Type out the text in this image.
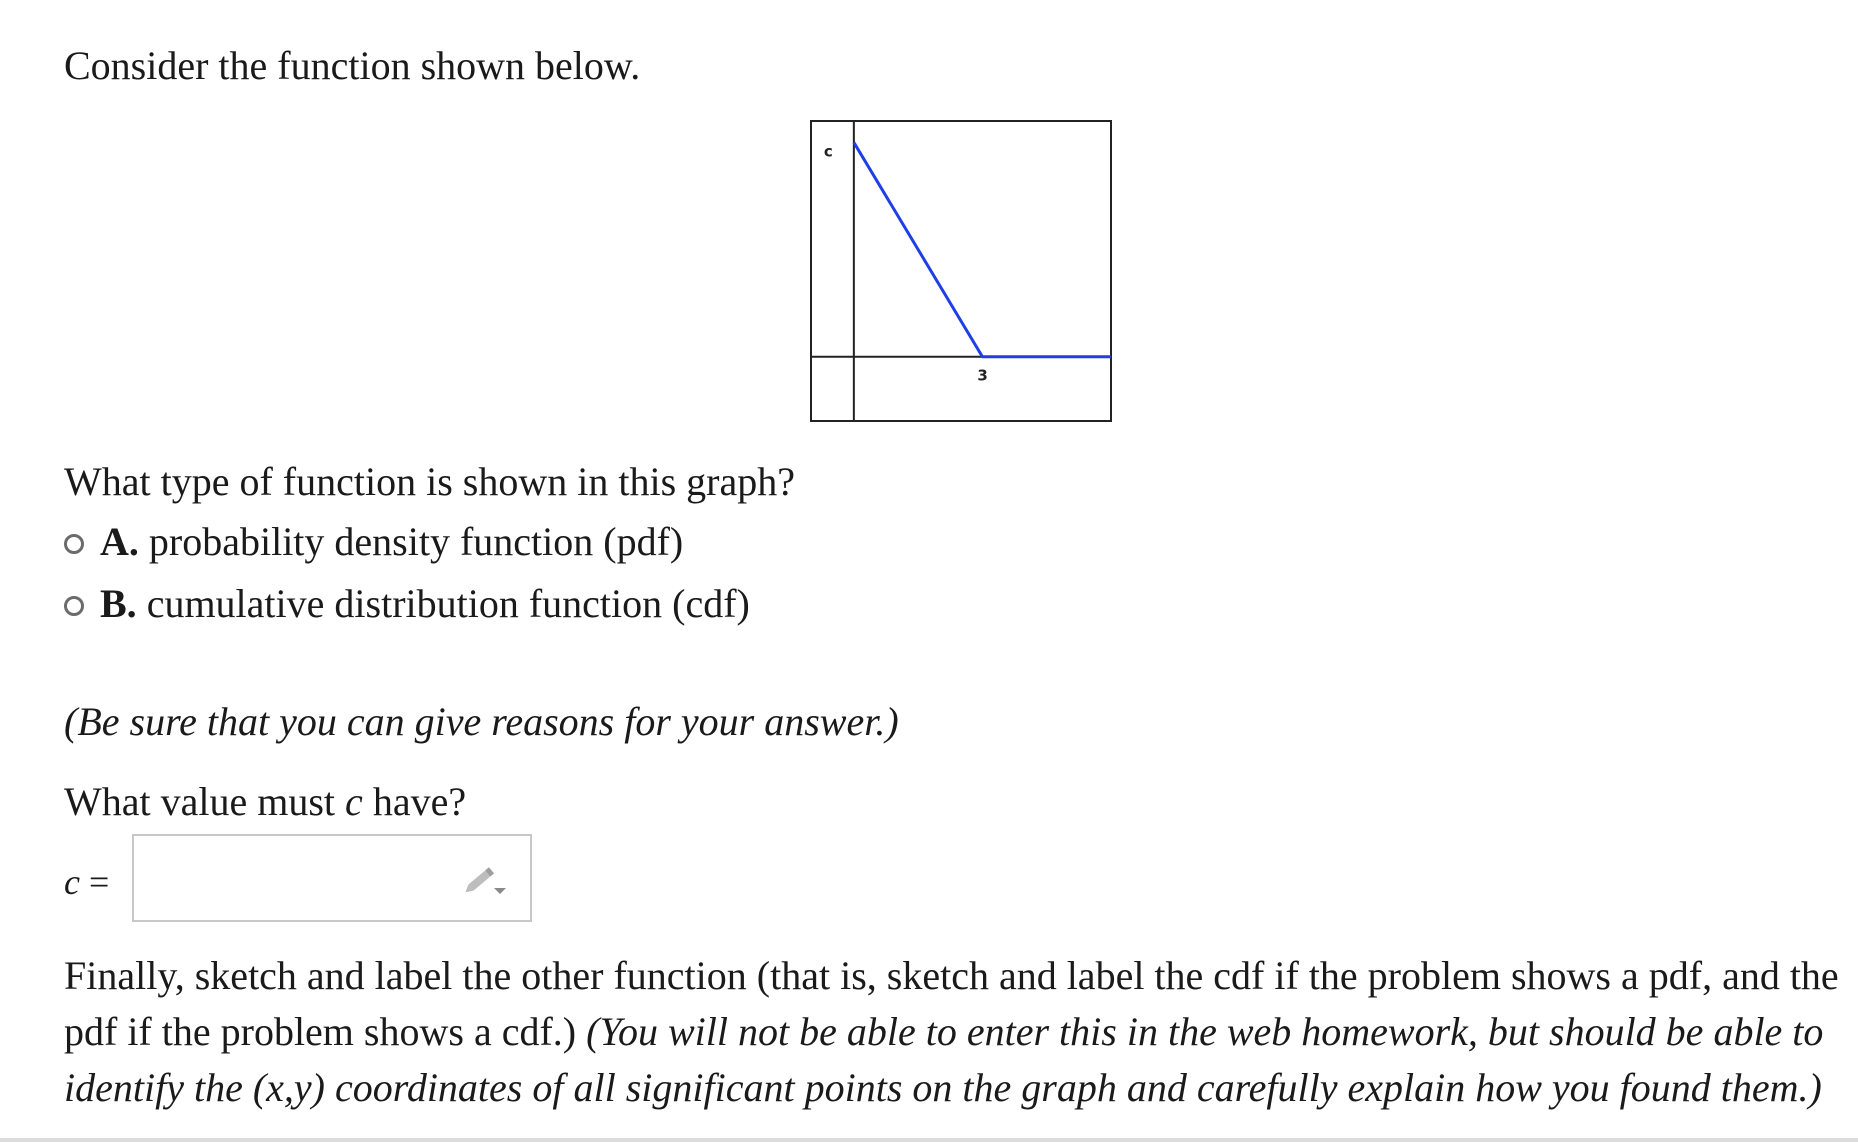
Consider the function shown below.
c
3
What type of function is shown in this graph?
A. probability density function (pdf)
B. cumulative distribution function (cdf)
(Be sure that you can give reasons for your answer.)
What value must c have?
c =
Finally, sketch and label the other function (that is, sketch and label the cdf if the problem shows a pdf, and the pdf if the problem shows a cdf.) (You will not be able to enter this in the web homework, but should be able to identify the (x,y) coordinates of all significant points on the graph and carefully explain how you found them.)
